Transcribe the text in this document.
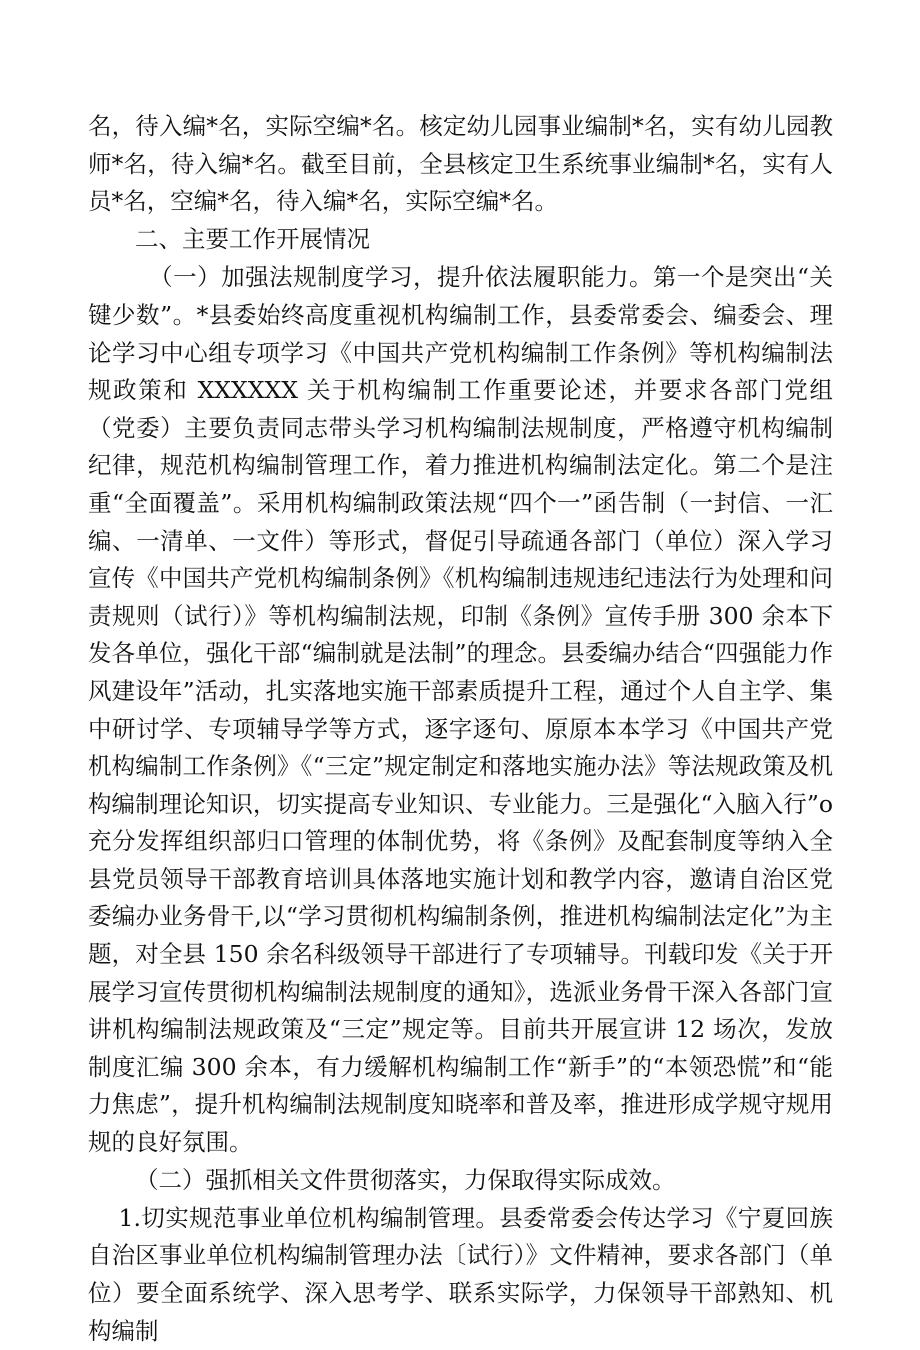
名，待入编*名，实际空编*名。核定幼儿园事业编制*名，实有幼儿园教师*名，待入编*名。截至目前，全县核定卫生系统事业编制*名，实有人员*名，空编*名，待入编*名，实际空编*名。

二、主要工作开展情况

（一）加强法规制度学习，提升依法履职能力。第一个是突出“关键少数”。*县委始终高度重视机构编制工作，县委常委会、编委会、理论学习中心组专项学习《中国共产党机构编制工作条例》等机构编制法规政策和 XXXXXX 关于机构编制工作重要论述，并要求各部门党组（党委）主要负责同志带头学习机构编制法规制度，严格遵守机构编制纪律，规范机构编制管理工作，着力推进机构编制法定化。第二个是注重“全面覆盖”。采用机构编制政策法规“四个一”函告制（一封信、一汇编、一清单、一文件）等形式，督促引导疏通各部门（单位）深入学习宣传《中国共产党机构编制条例》《机构编制违规违纪违法行为处理和问责规则（试行）》等机构编制法规，印制《条例》宣传手册 300 余本下发各单位，强化干部“编制就是法制”的理念。县委编办结合“四强能力作风建设年”活动，扎实落地实施干部素质提升工程，通过个人自主学、集中研讨学、专项辅导学等方式，逐字逐句、原原本本学习《中国共产党机构编制工作条例》《“三定”规定制定和落地实施办法》等法规政策及机构编制理论知识，切实提高专业知识、专业能力。三是强化“入脑入行”o 充分发挥组织部归口管理的体制优势，将《条例》及配套制度等纳入全县党员领导干部教育培训具体落地实施计划和教学内容，邀请自治区党委编办业务骨干,以“学习贯彻机构编制条例，推进机构编制法定化”为主题，对全县 150 余名科级领导干部进行了专项辅导。刊载印发《关于开展学习宣传贯彻机构编制法规制度的通知》，选派业务骨干深入各部门宣讲机构编制法规政策及“三定”规定等。目前共开展宣讲 12 场次，发放制度汇编 300 余本，有力缓解机构编制工作“新手”的“本领恐慌”和“能力焦虑”，提升机构编制法规制度知晓率和普及率，推进形成学规守规用规的良好氛围。

（二）强抓相关文件贯彻落实，力保取得实际成效。

1.切实规范事业单位机构编制管理。县委常委会传达学习《宁夏回族自治区事业单位机构编制管理办法〔试行）》文件精神，要求各部门（单位）要全面系统学、深入思考学、联系实际学，力保领导干部熟知、机构编制
